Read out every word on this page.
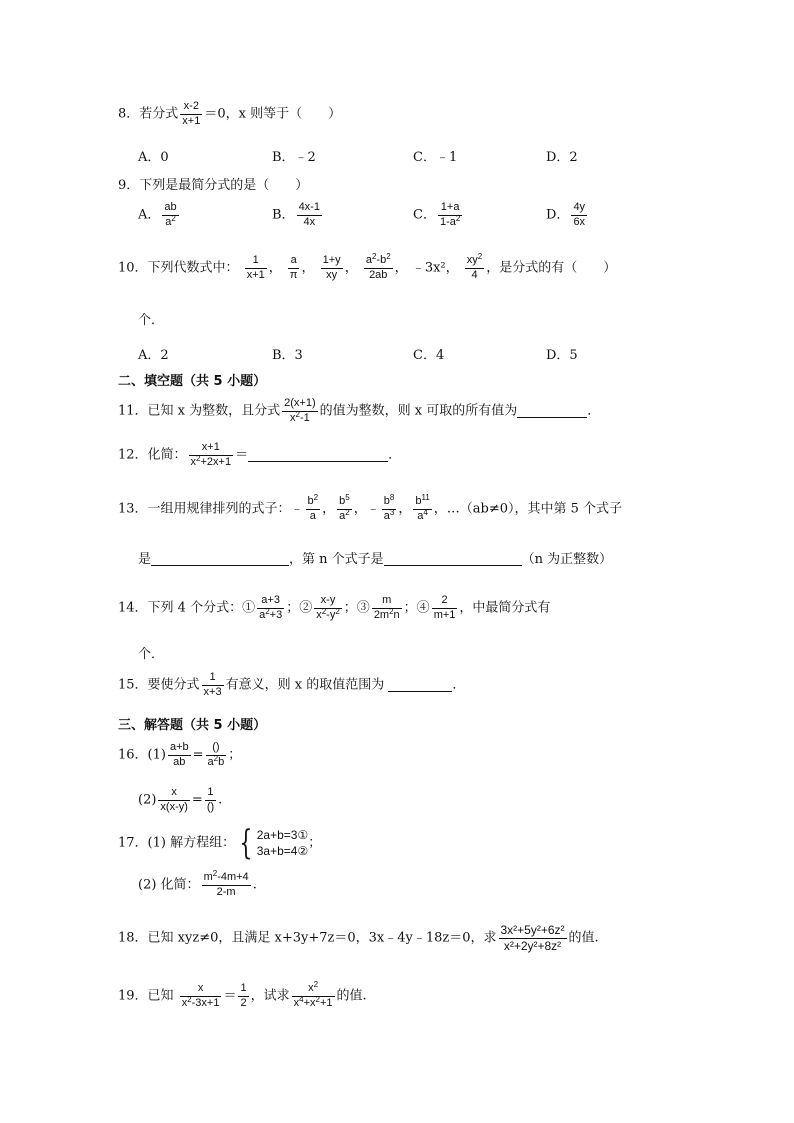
8．若分式 $\frac{x-2}{x+1} =0$，x 则等于（　　）
A．0	B．﹣2	C．﹣1	D．2
9．下列是最简分式的是（　　）
A． $\frac{ab}{a^2}$	B． $\frac{4x-1}{4x}$	C． $\frac{1+a}{1-a^2}$	D． $\frac{4y}{6x}$
10．下列代数式中： $\frac{1}{x+1}$ ， $\frac{a}{\pi}$ ， $\frac{1+y}{xy}$ ， $\frac{a^2-b^2}{2ab}$ ， ﹣3x²， $\frac{xy^2}{4}$ ，是分式的有（　　）
个．
A．2	B．3	C．4	D．5
二、填空题（共 5 小题）
11．已知 x 为整数，且分式 $\frac{2(x+1)}{x^2-1}$ 的值为整数，则 x 可取的所有值为	．
12．化简： $\frac{x+1}{x^2+2x+1}$ ＝	．
13．一组用规律排列的式子：﹣ $\frac{b^2}{a}$ ， $\frac{b^5}{a^2}$ ，﹣ $\frac{b^8}{a^3}$ ， $\frac{b^{11}}{a^4}$ ，…（ab≠0），其中第 5 个式子
是	，第 n 个式子是	（n 为正整数）
14．下列 4 个分式：① $\frac{a+3}{a^2+3}$ ；② $\frac{x-y}{x^2-y^2}$ ；③ $\frac{m}{2m^2n}$ ；④ $\frac{2}{m+1}$ ，中最简分式有
个．
15．要使分式 $\frac{1}{x+3}$ 有意义，则 x 的取值范围为	．
三、解答题（共 5 小题）
16．$(1) \frac{a+b}{ab} = \frac{()}{a^2b}$ ；
$(2) \frac{x}{x(x-y)} = \frac{1}{()}$ .
17．(1) 解方程组： { 2a+b=3①
3a+b=4②
；
(2) 化简： $\frac{m^2-4m+4}{2-m}$ .
18．已知 xyz≠0，且满足 x+3y+7z＝0，3x﹣4y﹣18z＝0，求 $\frac{\text{3x²+5y²+6z²}}{\text{x²+2y²+8z²}}$ 的值.
19．已知 $\frac{x}{x^2-3x+1} = \frac{1}{2}$ ，试求 $\frac{x^2}{x^4+x^2+1}$ 的值.
